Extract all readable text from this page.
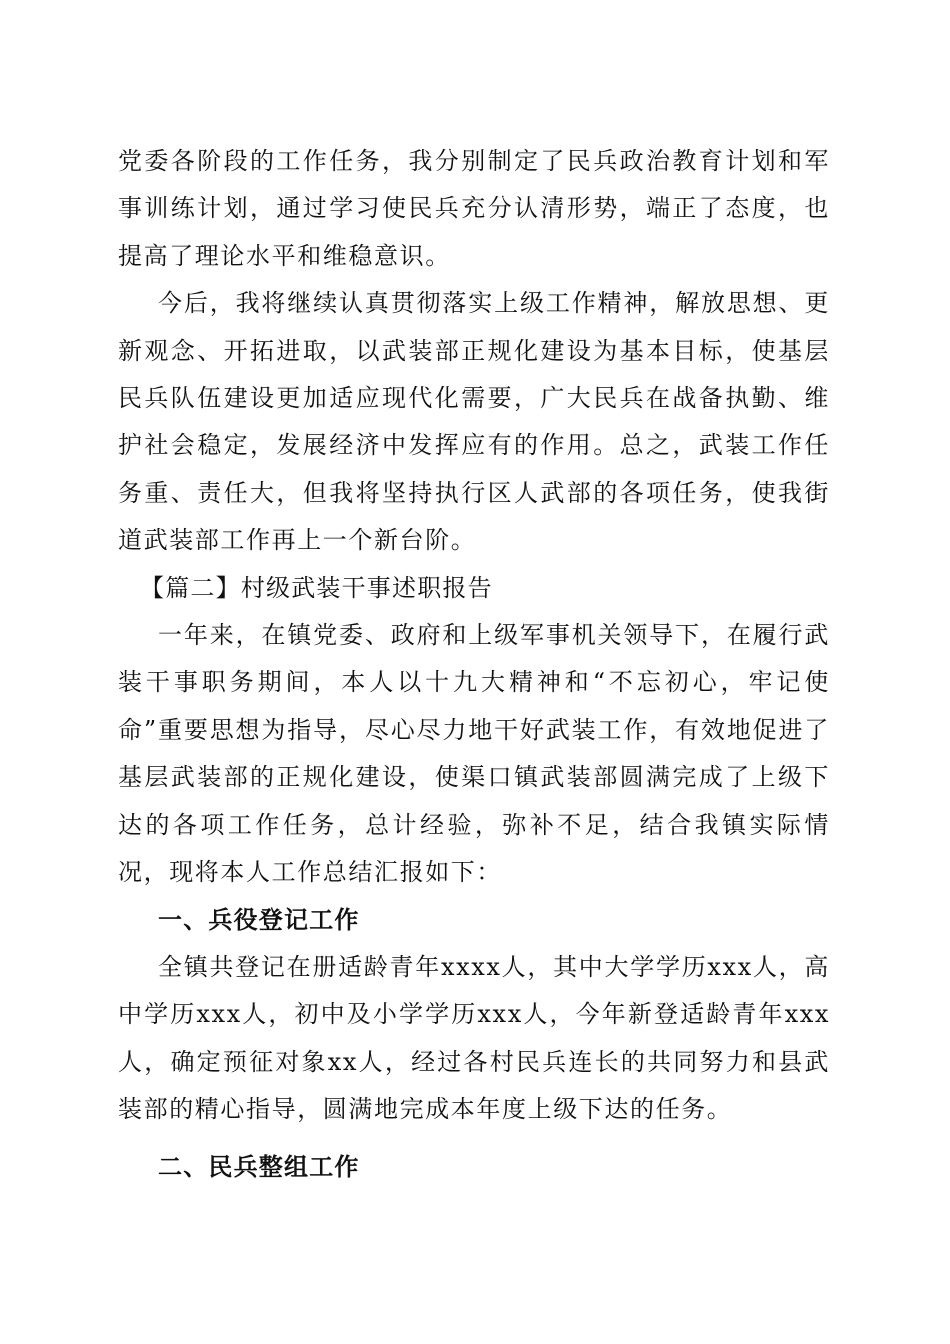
党委各阶段的工作任务，我分别制定了民兵政治教育计划和军事训练计划，通过学习使民兵充分认清形势，端正了态度，也提高了理论水平和维稳意识。

今后，我将继续认真贯彻落实上级工作精神，解放思想、更新观念、开拓进取，以武装部正规化建设为基本目标，使基层民兵队伍建设更加适应现代化需要，广大民兵在战备执勤、维护社会稳定，发展经济中发挥应有的作用。总之，武装工作任务重、责任大，但我将坚持执行区人武部的各项任务，使我街道武装部工作再上一个新台阶。

【篇二】村级武装干事述职报告

一年来，在镇党委、政府和上级军事机关领导下，在履行武装干事职务期间，本人以十九大精神和“不忘初心，牢记使命”重要思想为指导，尽心尽力地干好武装工作，有效地促进了基层武装部的正规化建设，使渠口镇武装部圆满完成了上级下达的各项工作任务，总计经验，弥补不足，结合我镇实际情况，现将本人工作总结汇报如下：

一、兵役登记工作

全镇共登记在册适龄青年xxxx人，其中大学学历xxx人，高中学历xxx人，初中及小学学历xxx人，今年新登适龄青年xxx人，确定预征对象xx人，经过各村民兵连长的共同努力和县武装部的精心指导，圆满地完成本年度上级下达的任务。

二、民兵整组工作
